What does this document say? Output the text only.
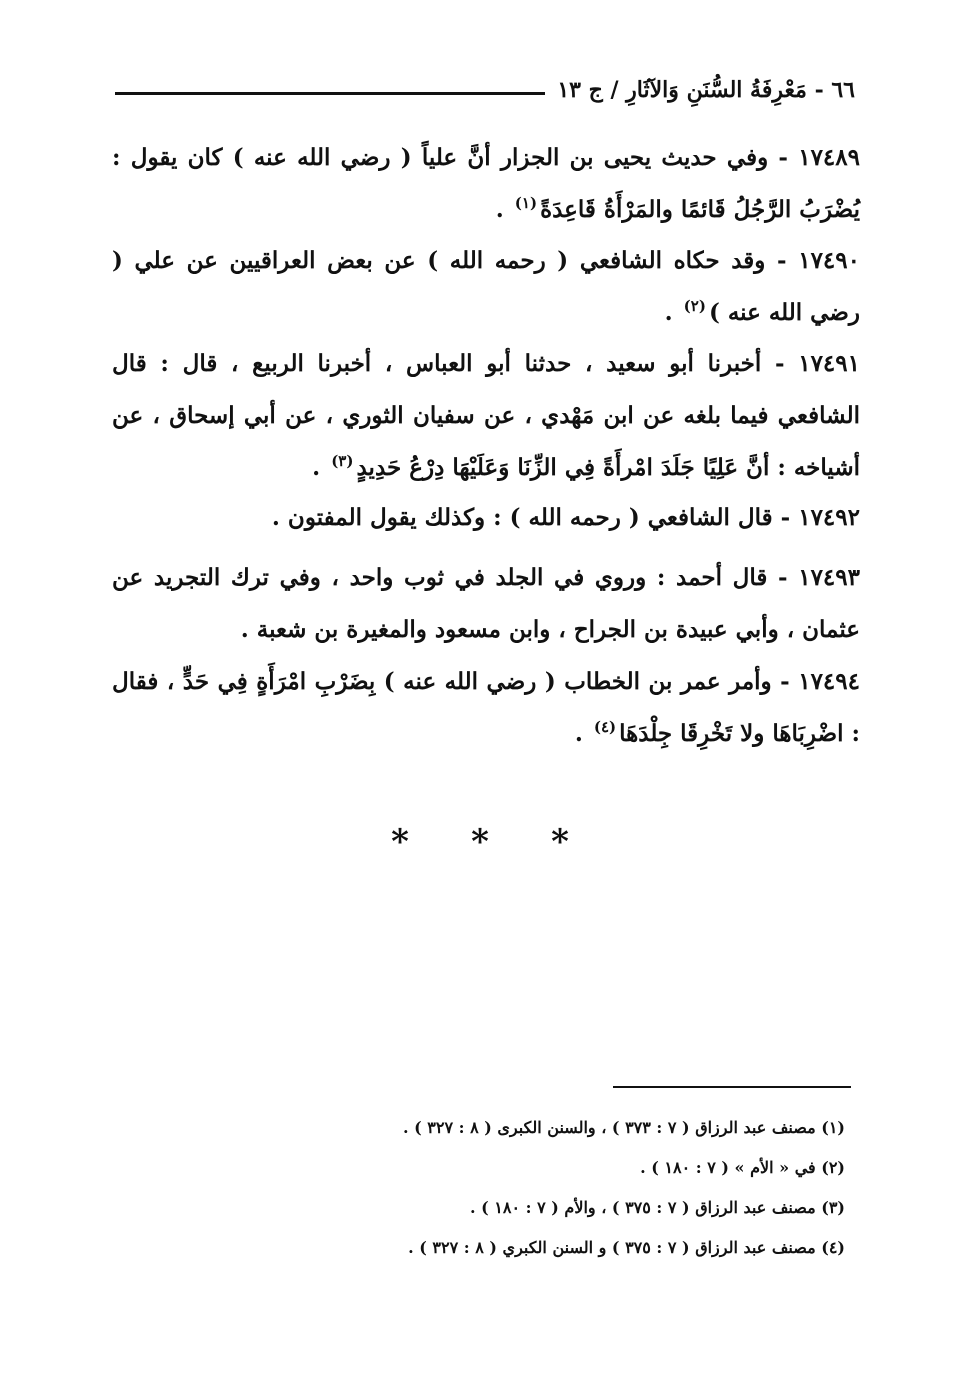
٦٦ - مَعْرِفَةُ السُّنَنِ وَالآثَارِ / ج ١٣
١٧٤٨٩ - وفي حديث يحيى بن الجزار أنَّ علياً ( رضي الله عنه ) كان يقول : يُضْرَبُ الرَّجُلُ قَائمًا والمَرْأَةُ قَاعِدَةً$^{(١)}$ .
١٧٤٩٠ - وقد حكاه الشافعي ( رحمه الله ) عن بعض العراقيين عن علي ( رضي الله عنه )$^{(٢)}$ .
١٧٤٩١ - أخبرنا أبو سعيد ، حدثنا أبو العباس ، أخبرنا الربيع ، قال : قال الشافعي فيما بلغه عن ابن مَهْدي ، عن سفيان الثوري ، عن أبي إسحاق ، عن أشياخه : أنَّ عَلِيًا جَلَدَ امْرأَةً فِي الزِّنَا وَعَلَيْهَا دِرْعُ حَدِيدٍ$^{(٣)}$ .
١٧٤٩٢ - قال الشافعي ( رحمه الله ) : وكذلك يقول المفتون .
١٧٤٩٣ - قال أحمد : وروي في الجلد في ثوب واحد ، وفي ترك التجريد عن عثمان ، وأبي عبيدة بن الجراح ، وابن مسعود والمغيرة بن شعبة .
١٧٤٩٤ - وأمر عمر بن الخطاب ( رضي الله عنه ) بِضَرْبِ امْرَأَةٍ فِي حَدٍّ ، فقال : اضْرِبَاهَا ولا تَخْرِقَا جِلْدَهَا$^{(٤)}$ .
*	*	*
(١) مصنف عبد الرزاق ( ٧ : ٣٧٣ ) ، والسنن الكبرى ( ٨ : ٣٢٧ ) .
(٢) في « الأم » ( ٧ : ١٨٠ ) .
(٣) مصنف عبد الرزاق ( ٧ : ٣٧٥ ) ، والأم ( ٧ : ١٨٠ ) .
(٤) مصنف عبد الرزاق ( ٧ : ٣٧٥ ) و السنن الكبري ( ٨ : ٣٢٧ ) .
